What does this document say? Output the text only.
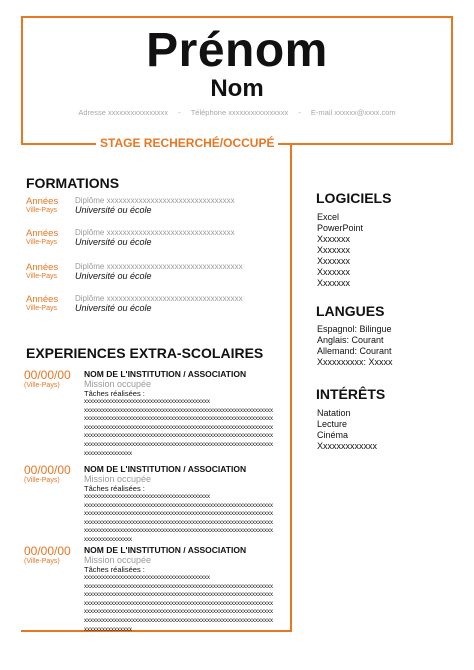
Prénom
Nom
Adresse xxxxxxxxxxxxxxxx - Téléphone xxxxxxxxxxxxxxxx - E-mail xxxxxx@xxxx.com
STAGE RECHERCHÉ/OCCUPÉ
FORMATIONS
Années
Ville-Pays
Diplôme xxxxxxxxxxxxxxxxxxxxxxxxxxxxxxxx
Université ou école
Années
Ville-Pays
Diplôme xxxxxxxxxxxxxxxxxxxxxxxxxxxxxxxx
Université ou école
Années
Ville-Pays
Diplôme xxxxxxxxxxxxxxxxxxxxxxxxxxxxxxxxxx
Université ou école
Années
Ville-Pays
Diplôme xxxxxxxxxxxxxxxxxxxxxxxxxxxxxxxxxx
Université ou école
EXPERIENCES EXTRA-SCOLAIRES
00/00/00
(Ville-Pays)
NOM DE L'INSTITUTION / ASSOCIATION
Mission occupée
Tâches réalisées :
xxxxxxxxxxxxxxxxxxxxxxxxxxxxxxxxxxxxxxxxxx
xxxxxxxxxxxxxxxxxxxxxxxxxxxxxxxxxxxxxxxxxxxxxxxxxxxxxxxxxxxxxxx
xxxxxxxxxxxxxxxxxxxxxxxxxxxxxxxxxxxxxxxxxxxxxxxxxxxxxxxxxxxxxxx
xxxxxxxxxxxxxxxxxxxxxxxxxxxxxxxxxxxxxxxxxxxxxxxxxxxxxxxxxxxxxxx
xxxxxxxxxxxxxxxxxxxxxxxxxxxxxxxxxxxxxxxxxxxxxxxxxxxxxxxxxxxxxxx
xxxxxxxxxxxxxxxxxxxxxxxxxxxxxxxxxxxxxxxxxxxxxxxxxxxxxxxxxxxxxxx
xxxxxxxxxxxxxxxx
00/00/00
(Ville-Pays)
NOM DE L'INSTITUTION / ASSOCIATION
Mission occupée
Tâches réalisées :
xxxxxxxxxxxxxxxxxxxxxxxxxxxxxxxxxxxxxxxxxx
xxxxxxxxxxxxxxxxxxxxxxxxxxxxxxxxxxxxxxxxxxxxxxxxxxxxxxxxxxxxxxx
xxxxxxxxxxxxxxxxxxxxxxxxxxxxxxxxxxxxxxxxxxxxxxxxxxxxxxxxxxxxxxx
xxxxxxxxxxxxxxxxxxxxxxxxxxxxxxxxxxxxxxxxxxxxxxxxxxxxxxxxxxxxxxx
xxxxxxxxxxxxxxxxxxxxxxxxxxxxxxxxxxxxxxxxxxxxxxxxxxxxxxxxxxxxxxx
xxxxxxxxxxxxxxxx
00/00/00
(Ville-Pays)
NOM DE L'INSTITUTION / ASSOCIATION
Mission occupée
Tâches réalisées :
xxxxxxxxxxxxxxxxxxxxxxxxxxxxxxxxxxxxxxxxxx
xxxxxxxxxxxxxxxxxxxxxxxxxxxxxxxxxxxxxxxxxxxxxxxxxxxxxxxxxxxxxxx
xxxxxxxxxxxxxxxxxxxxxxxxxxxxxxxxxxxxxxxxxxxxxxxxxxxxxxxxxxxxxxx
xxxxxxxxxxxxxxxxxxxxxxxxxxxxxxxxxxxxxxxxxxxxxxxxxxxxxxxxxxxxxxx
xxxxxxxxxxxxxxxxxxxxxxxxxxxxxxxxxxxxxxxxxxxxxxxxxxxxxxxxxxxxxxx
xxxxxxxxxxxxxxxxxxxxxxxxxxxxxxxxxxxxxxxxxxxxxxxxxxxxxxxxxxxxxxx
xxxxxxxxxxxxxxxx
LOGICIELS
Excel
PowerPoint
Xxxxxxx
Xxxxxxx
Xxxxxxx
Xxxxxxx
Xxxxxxx
LANGUES
Espagnol: Bilingue
Anglais: Courant
Allemand: Courant
Xxxxxxxxxx: Xxxxx
INTÉRÊTS
Natation
Lecture
Cinéma
Xxxxxxxxxxxxx
